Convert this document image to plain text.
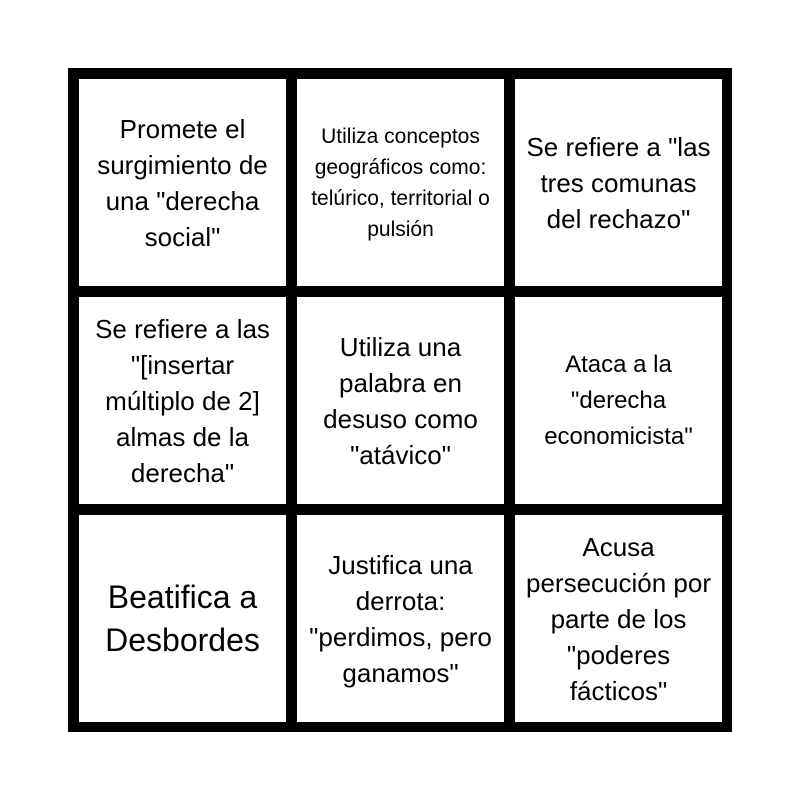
Promete el surgimiento de una "derecha social"
Utiliza conceptos geográficos como: telúrico, territorial o pulsión
Se refiere a "las tres comunas del rechazo"
Se refiere a las "[insertar múltiplo de 2] almas de la derecha"
Utiliza una palabra en desuso como "atávico"
Ataca a la "derecha economicista"
Beatifica a Desbordes
Justifica una derrota: "perdimos, pero ganamos"
Acusa persecución por parte de los "poderes fácticos"
